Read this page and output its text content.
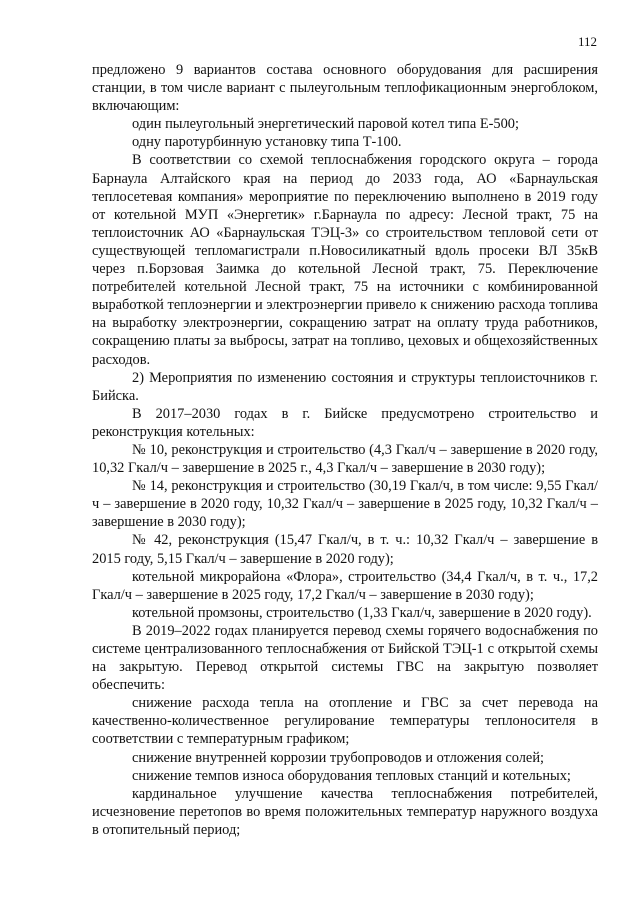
112

предложено 9 вариантов состава основного оборудования для расширения станции, в том числе вариант с пылеугольным теплофикационным энергоблоком, включающим:

один пылеугольный энергетический паровой котел типа Е-500;

одну паротурбинную установку типа Т-100.

В соответствии со схемой теплоснабжения городского округа – города Барнаула Алтайского края на период до 2033 года, АО «Барнаульская теплосетевая компания» мероприятие по переключению выполнено в 2019 году от котельной МУП «Энергетик» г.Барнаула по адресу: Лесной тракт, 75 на теплоисточник АО «Барнаульская ТЭЦ-3» со строительством тепловой сети от существующей тепломагистрали п.Новосиликатный вдоль просеки ВЛ 35кВ через п.Борзовая Заимка до котельной Лесной тракт, 75. Переключение потребителей котельной Лесной тракт, 75 на источники с комбинированной выработкой теплоэнергии и электроэнергии привело к снижению расхода топлива на выработку электроэнергии, сокращению затрат на оплату труда работников, сокращению платы за выбросы, затрат на топливо, цеховых и общехозяйственных расходов.

2) Мероприятия по изменению состояния и структуры теплоисточников г. Бийска.

В 2017–2030 годах в г. Бийске предусмотрено строительство и реконструкция котельных:

№ 10, реконструкция и строительство (4,3 Гкал/ч – завершение в 2020 году, 10,32 Гкал/ч – завершение в 2025 г., 4,3 Гкал/ч – завершение в 2030 году);

№ 14, реконструкция и строительство (30,19 Гкал/ч, в том числе: 9,55 Гкал/ч – завершение в 2020 году, 10,32 Гкал/ч – завершение в 2025 году, 10,32 Гкал/ч – завершение в 2030 году);

№ 42, реконструкция (15,47 Гкал/ч, в т. ч.: 10,32 Гкал/ч – завершение в 2015 году, 5,15 Гкал/ч – завершение в 2020 году);

котельной микрорайона «Флора», строительство (34,4 Гкал/ч, в т. ч., 17,2 Гкал/ч – завершение в 2025 году, 17,2 Гкал/ч – завершение в 2030 году);

котельной промзоны, строительство (1,33 Гкал/ч, завершение в 2020 году).

В 2019–2022 годах планируется перевод схемы горячего водоснабжения по системе централизованного теплоснабжения от Бийской ТЭЦ-1 с открытой схемы на закрытую. Перевод открытой системы ГВС на закрытую позволяет обеспечить:

снижение расхода тепла на отопление и ГВС за счет перевода на качественно-количественное регулирование температуры теплоносителя в соответствии с температурным графиком;

снижение внутренней коррозии трубопроводов и отложения солей;

снижение темпов износа оборудования тепловых станций и котельных;

кардинальное улучшение качества теплоснабжения потребителей, исчезновение перетопов во время положительных температур наружного воздуха в отопительный период;
